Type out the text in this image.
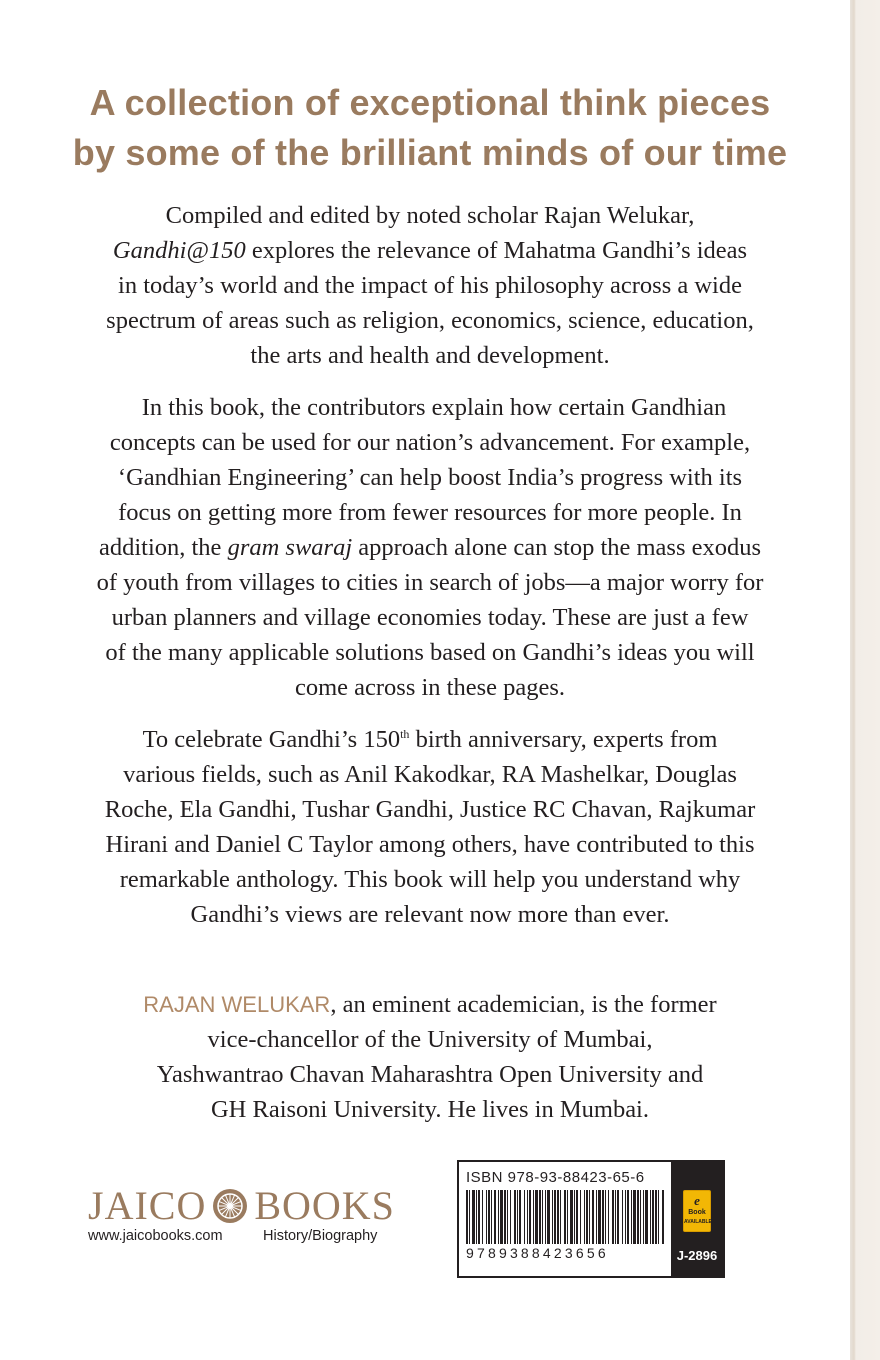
A collection of exceptional think pieces
by some of the brilliant minds of our time

Compiled and edited by noted scholar Rajan Welukar,
Gandhi@150 explores the relevance of Mahatma Gandhi’s ideas
in today’s world and the impact of his philosophy across a wide
spectrum of areas such as religion, economics, science, education,
the arts and health and development.

In this book, the contributors explain how certain Gandhian
concepts can be used for our nation’s advancement. For example,
‘Gandhian Engineering’ can help boost India’s progress with its
focus on getting more from fewer resources for more people. In
addition, the gram swaraj approach alone can stop the mass exodus
of youth from villages to cities in search of jobs—a major worry for
urban planners and village economies today. These are just a few
of the many applicable solutions based on Gandhi’s ideas you will
come across in these pages.

To celebrate Gandhi’s 150th birth anniversary, experts from
various fields, such as Anil Kakodkar, RA Mashelkar, Douglas
Roche, Ela Gandhi, Tushar Gandhi, Justice RC Chavan, Rajkumar
Hirani and Daniel C Taylor among others, have contributed to this
remarkable anthology. This book will help you understand why
Gandhi’s views are relevant now more than ever.

RAJAN WELUKAR, an eminent academician, is the former
vice-chancellor of the University of Mumbai,
Yashwantrao Chavan Maharashtra Open University and
GH Raisoni University. He lives in Mumbai.

JAICO BOOKS
www.jaicobooks.com	History/Biography
ISBN 978-93-88423-65-6
9789388423656
e
Book
AVAILABLE
J-2896
